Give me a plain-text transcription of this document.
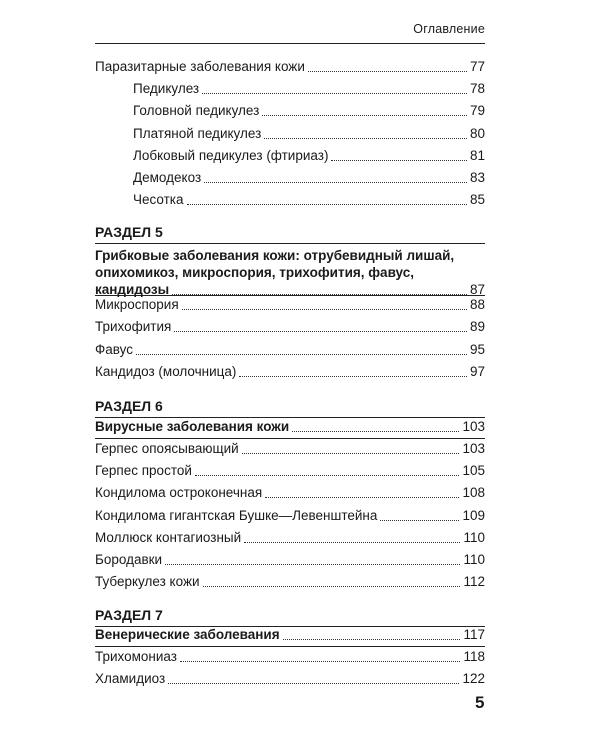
Оглавление
Паразитарные заболевания кожи	77
Педикулез	78
Головной педикулез	79
Платяной педикулез	80
Лобковый педикулез (фтириаз)	81
Демодекоз	83
Чесотка	85
РАЗДЕЛ 5
Грибковые заболевания кожи: отрубевидный лишай,
опихомикоз, микроспория, трихофития, фавус,
кандидозы	87
Микроспория	88
Трихофития	89
Фавус	95
Кандидоз (молочница)	97
РАЗДЕЛ 6
Вирусные заболевания кожи	103
Герпес опоясывающий	103
Герпес простой	105
Кондилома остроконечная	108
Кондилома гигантская Бушке—Левенштейна	109
Моллюск контагиозный	110
Бородавки	110
Туберкулез кожи	112
РАЗДЕЛ 7
Венерические заболевания	117
Трихомониаз	118
Хламидиоз	122
5
